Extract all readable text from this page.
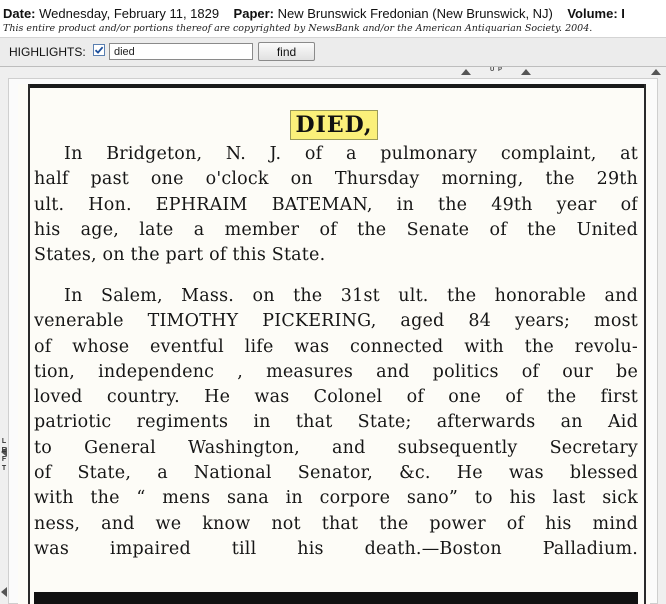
Date: Wednesday, February 11, 1829 Paper: New Brunswick Fredonian (New Brunswick, NJ) Volume: I
This entire product and/or portions thereof are copyrighted by NewsBank and/or the American Antiquarian Society. 2004.
HIGHLIGHTS:
died	find
U P
L
E
F
T
DIED,
In Bridgeton, N. J. of a pulmonary complaint, at
half past one o'clock on Thursday morning, the 29th
ult. Hon. EPHRAIM BATEMAN, in the 49th year of
his age, late a member of the Senate of the United
States, on the part of this State.
In Salem, Mass. on the 31st ult. the honorable and
venerable TIMOTHY PICKERING, aged 84 years; most
of whose eventful life was connected with the revolu-
tion, independenc , measures and politics of our be
loved country. He was Colonel of one of the first
patriotic regiments in that State; afterwards an Aid
to General Washington, and subsequently Secretary
of State, a National Senator, &c. He was blessed
with the “ mens sana in corpore sano” to his last sick
ness, and we know not that the power of his mind
was impaired till his death.—Boston Palladium.
